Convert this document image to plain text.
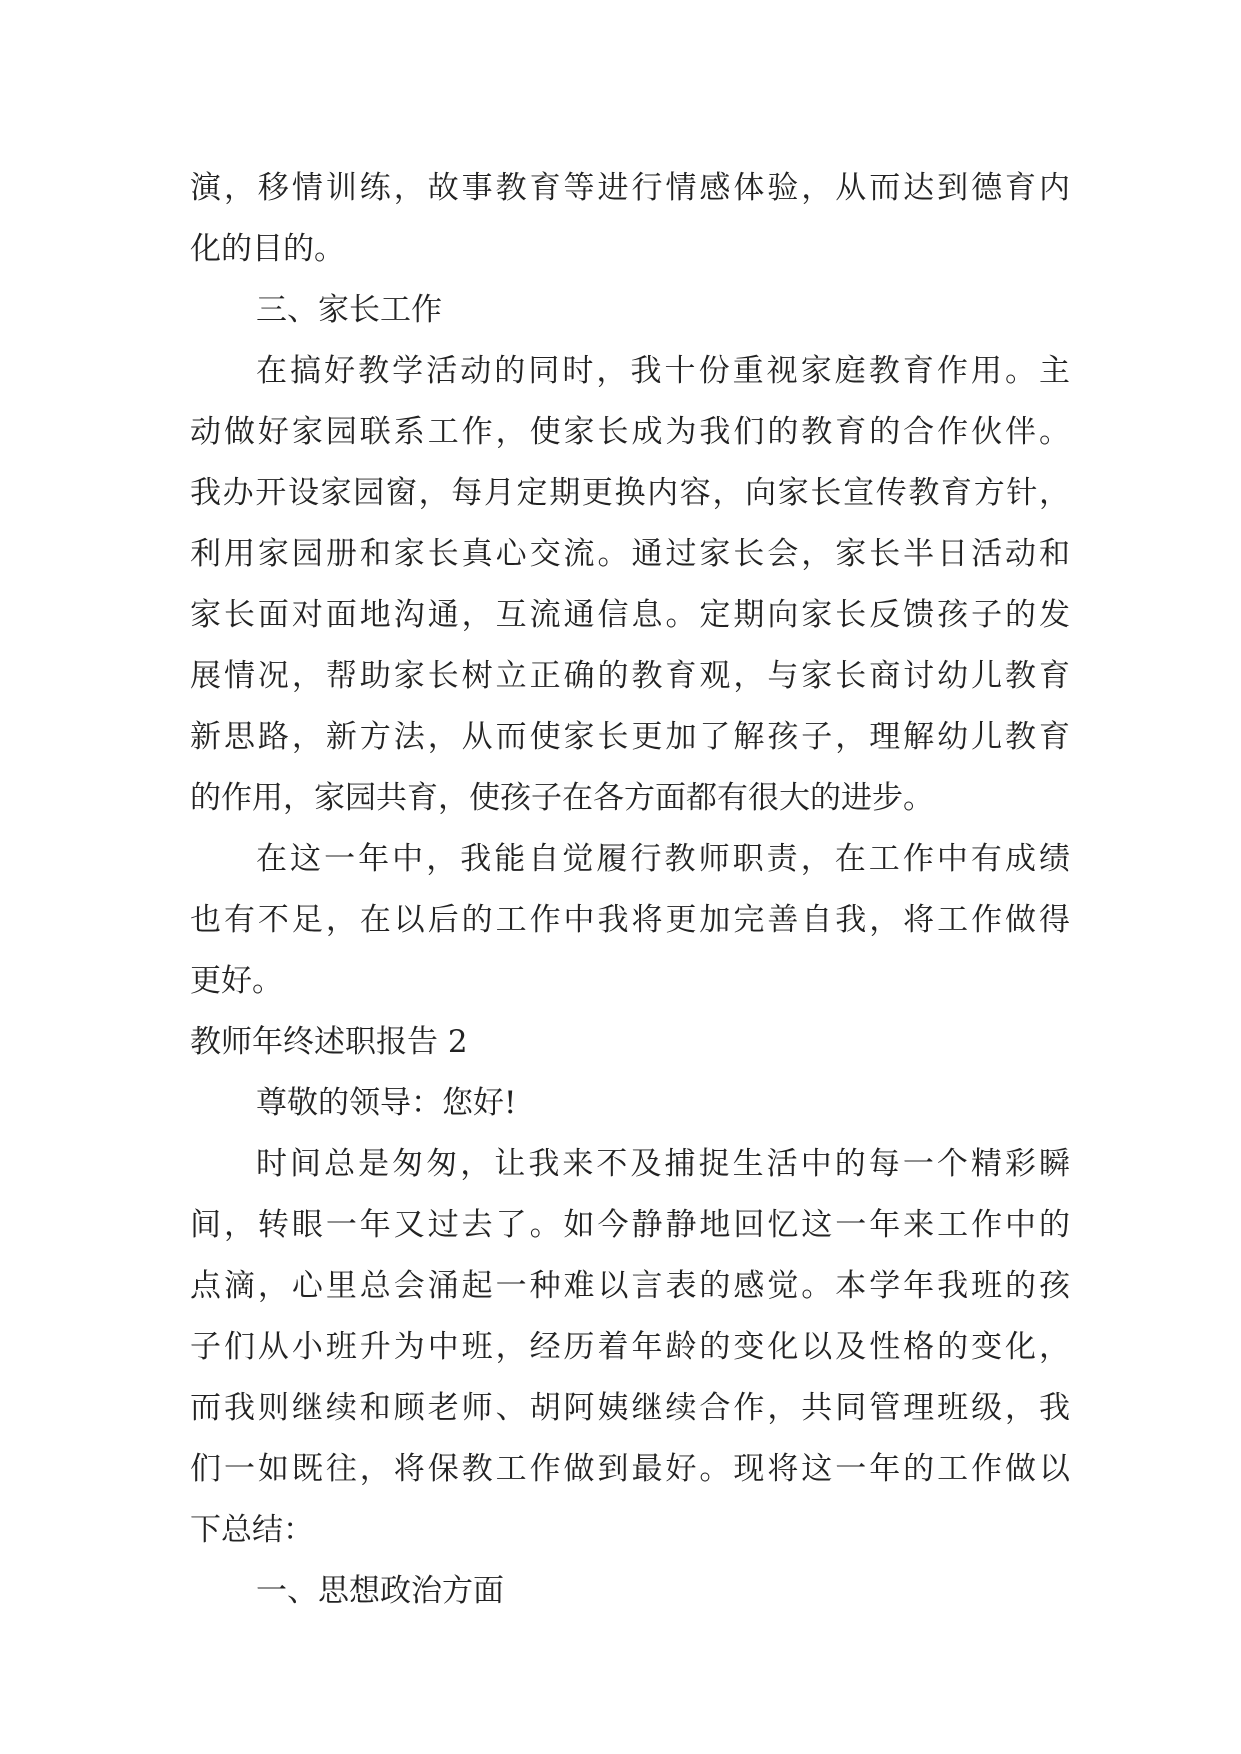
演，移情训练，故事教育等进行情感体验，从而达到德育内
化的目的。
三、家长工作
在搞好教学活动的同时，我十份重视家庭教育作用。主
动做好家园联系工作，使家长成为我们的教育的合作伙伴。
我办开设家园窗，每月定期更换内容，向家长宣传教育方针，
利用家园册和家长真心交流。通过家长会，家长半日活动和
家长面对面地沟通，互流通信息。定期向家长反馈孩子的发
展情况，帮助家长树立正确的教育观，与家长商讨幼儿教育
新思路，新方法，从而使家长更加了解孩子，理解幼儿教育
的作用，家园共育，使孩子在各方面都有很大的进步。
在这一年中，我能自觉履行教师职责，在工作中有成绩
也有不足，在以后的工作中我将更加完善自我，将工作做得
更好。
教师年终述职报告 2
尊敬的领导：您好!
时间总是匆匆，让我来不及捕捉生活中的每一个精彩瞬
间，转眼一年又过去了。如今静静地回忆这一年来工作中的
点滴，心里总会涌起一种难以言表的感觉。本学年我班的孩
子们从小班升为中班，经历着年龄的变化以及性格的变化，
而我则继续和顾老师、胡阿姨继续合作，共同管理班级，我
们一如既往，将保教工作做到最好。现将这一年的工作做以
下总结：
一、思想政治方面
